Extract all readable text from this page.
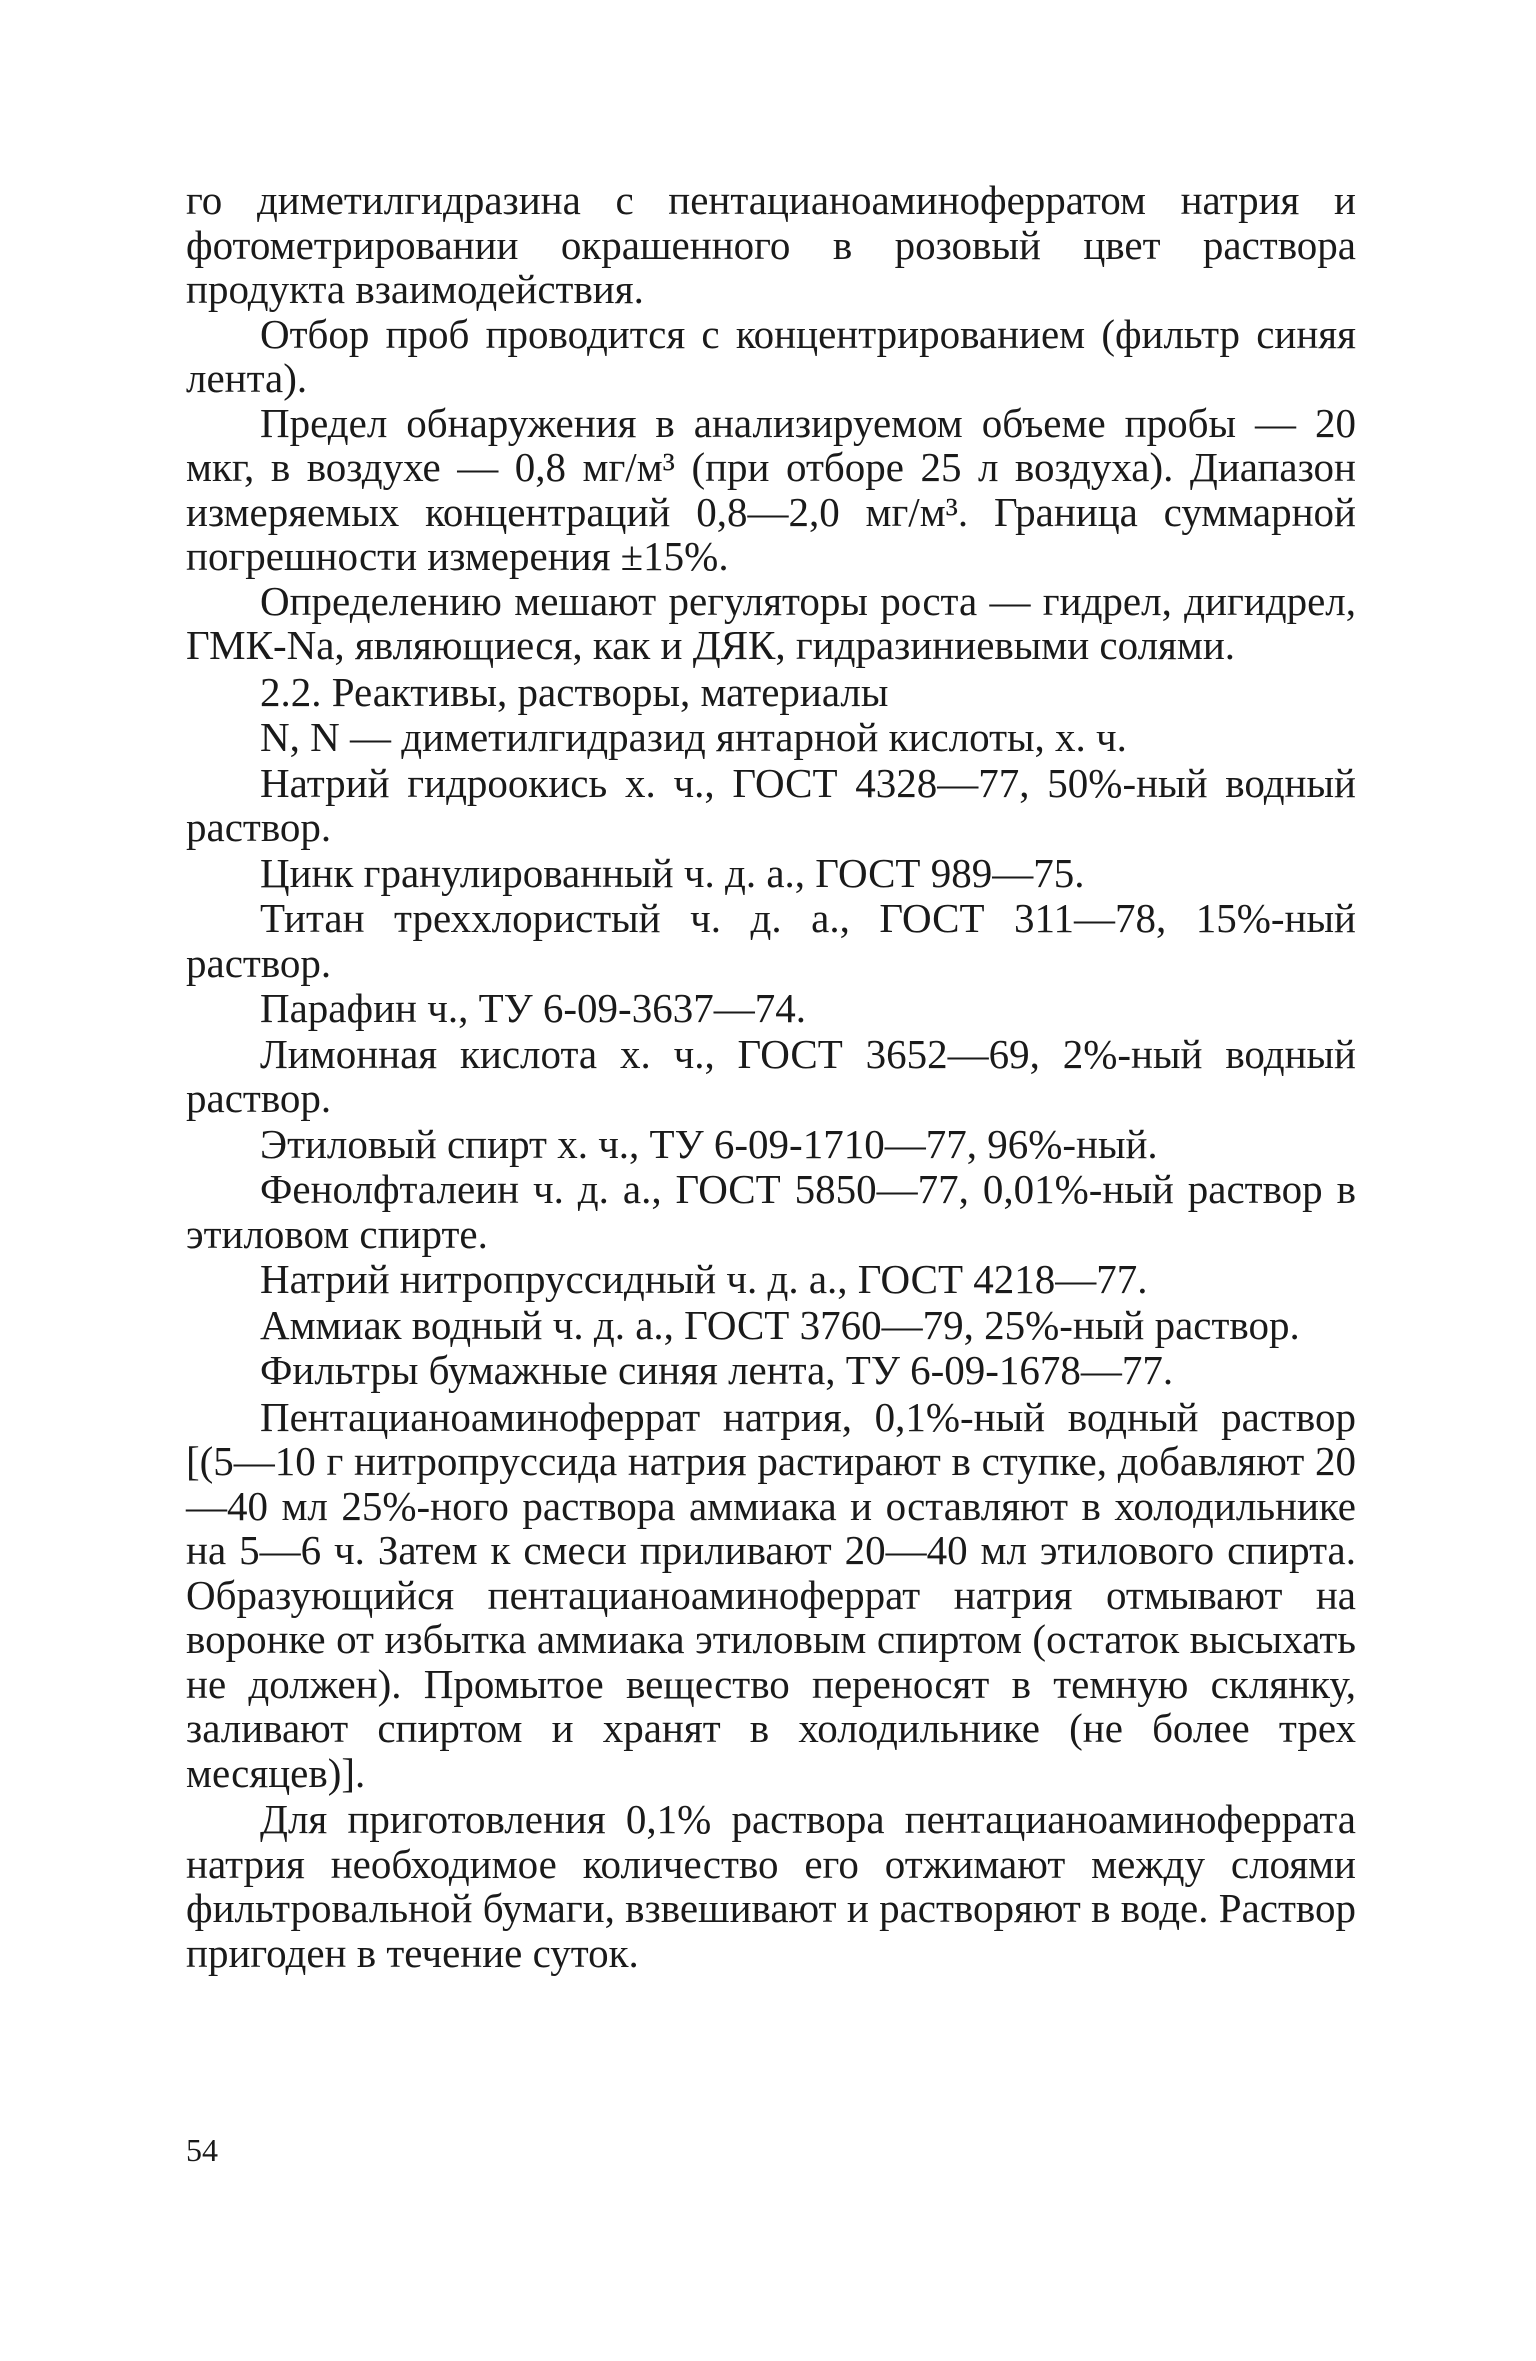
го диметилгидразина с пентацианоаминоферратом натрия и фотометрировании окрашенного в розовый цвет раствора продукта взаимодействия.

Отбор проб проводится с концентрированием (фильтр синяя лента).

Предел обнаружения в анализируемом объеме пробы — 20 мкг, в воздухе — 0,8 мг/м³ (при отборе 25 л воздуха). Диапазон измеряемых концентраций 0,8—2,0 мг/м³. Граница суммарной погрешности измерения ±15%.

Определению мешают регуляторы роста — гидрел, дигидрел, ГМК-Na, являющиеся, как и ДЯК, гидразиниевыми солями.

2.2. Реактивы, растворы, материалы

N, N — диметилгидразид янтарной кислоты, х. ч.

Натрий гидроокись х. ч., ГОСТ 4328—77, 50%-ный водный раствор.

Цинк гранулированный ч. д. а., ГОСТ 989—75.

Титан треххлористый ч. д. а., ГОСТ 311—78, 15%-ный раствор.

Парафин ч., ТУ 6-09-3637—74.

Лимонная кислота х. ч., ГОСТ 3652—69, 2%-ный водный раствор.

Этиловый спирт х. ч., ТУ 6-09-1710—77, 96%-ный.

Фенолфталеин ч. д. а., ГОСТ 5850—77, 0,01%-ный раствор в этиловом спирте.

Натрий нитропруссидный ч. д. а., ГОСТ 4218—77.

Аммиак водный ч. д. а., ГОСТ 3760—79, 25%-ный раствор.

Фильтры бумажные синяя лента, ТУ 6-09-1678—77.

Пентацианоаминоферрат натрия, 0,1%-ный водный раствор [(5—10 г нитропруссида натрия растирают в ступке, добавляют 20—40 мл 25%-ного раствора аммиака и оставляют в холодильнике на 5—6 ч. Затем к смеси приливают 20—40 мл этилового спирта. Образующийся пентацианоаминоферрат натрия отмывают на воронке от избытка аммиака этиловым спиртом (остаток высыхать не должен). Промытое вещество переносят в темную склянку, заливают спиртом и хранят в холодильнике (не более трех месяцев)].

Для приготовления 0,1% раствора пентацианоаминоферрата натрия необходимое количество его отжимают между слоями фильтровальной бумаги, взвешивают и растворяют в воде. Раствор пригоден в течение суток.

54
